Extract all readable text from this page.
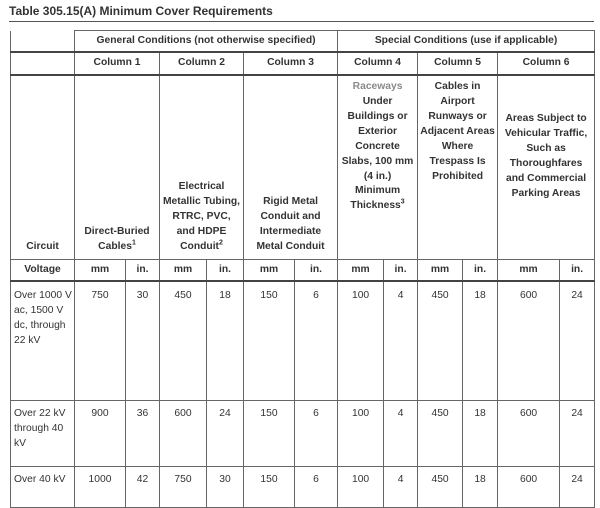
Table 305.15(A) Minimum Cover Requirements
	General Conditions (not otherwise specified)						Special Conditions (use if applicable)					
	Column 1		Column 2		Column 3		Column 4		Column 5		Column 6	
Circuit	Direct-Buried Cables$^1$		Electrical Metallic Tubing, RTRC, PVC, and HDPE Conduit$^2$		Rigid Metal Conduit and Intermediate Metal Conduit		Raceways Under Buildings or Exterior Concrete Slabs, 100 mm (4 in.) Minimum Thickness$^3$		Cables in Airport Runways or Adjacent Areas Where Trespass Is Prohibited		Areas Subject to Vehicular Traffic, Such as Thoroughfares and Commercial Parking Areas	
Voltage	mm	in.	mm	in.	mm	in.	mm	in.	mm	in.	mm	in.
Over 1000 V ac, 1500 V dc, through 22 kV	750	30	450	18	150	6	100	4	450	18	600	24
Over 22 kV through 40 kV	900	36	600	24	150	6	100	4	450	18	600	24
Over 40 kV	1000	42	750	30	150	6	100	4	450	18	600	24
